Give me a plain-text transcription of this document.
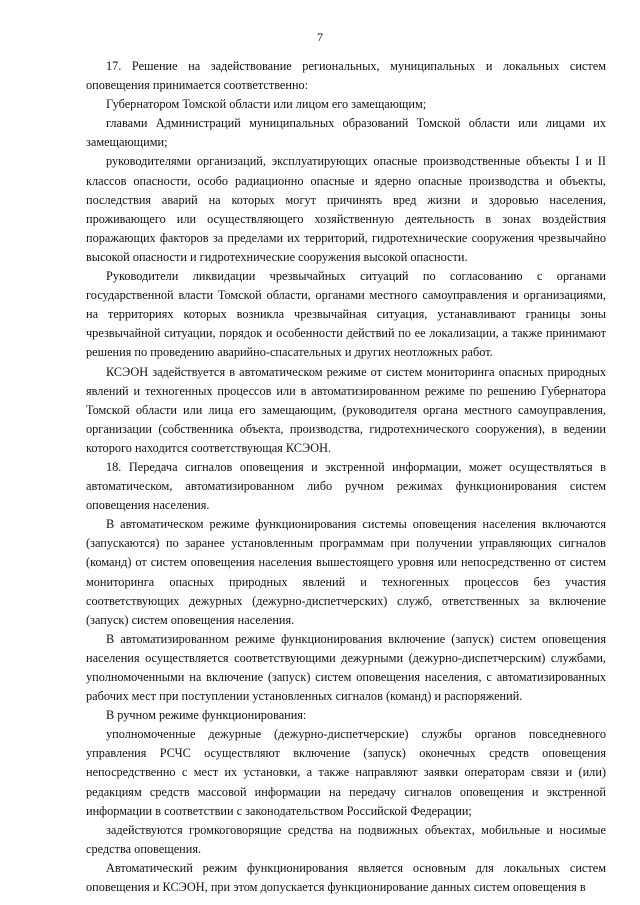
7

17. Решение на задействование региональных, муниципальных и локальных систем оповещения принимается соответственно:

Губернатором Томской области или лицом его замещающим;

главами Администраций муниципальных образований Томской области или лицами их замещающими;

руководителями организаций, эксплуатирующих опасные производственные объекты I и II классов опасности, особо радиационно опасные и ядерно опасные производства и объекты, последствия аварий на которых могут причинять вред жизни и здоровью населения, проживающего или осуществляющего хозяйственную деятельность в зонах воздействия поражающих факторов за пределами их территорий, гидротехнические сооружения чрезвычайно высокой опасности и гидротехнические сооружения высокой опасности.

Руководители ликвидации чрезвычайных ситуаций по согласованию с органами государственной власти Томской области, органами местного самоуправления и организациями, на территориях которых возникла чрезвычайная ситуация, устанавливают границы зоны чрезвычайной ситуации, порядок и особенности действий по ее локализации, а также принимают решения по проведению аварийно-спасательных и других неотложных работ.

КСЭОН задействуется в автоматическом режиме от систем мониторинга опасных природных явлений и техногенных процессов или в автоматизированном режиме по решению Губернатора Томской области или лица его замещающим, (руководителя органа местного самоуправления, организации (собственника объекта, производства, гидротехнического сооружения), в ведении которого находится соответствующая КСЭОН.

18. Передача сигналов оповещения и экстренной информации, может осуществляться в автоматическом, автоматизированном либо ручном режимах функционирования систем оповещения населения.

В автоматическом режиме функционирования системы оповещения населения включаются (запускаются) по заранее установленным программам при получении управляющих сигналов (команд) от систем оповещения населения вышестоящего уровня или непосредственно от систем мониторинга опасных природных явлений и техногенных процессов без участия соответствующих дежурных (дежурно-диспетчерских) служб, ответственных за включение (запуск) систем оповещения населения.

В автоматизированном режиме функционирования включение (запуск) систем оповещения населения осуществляется соответствующими дежурными (дежурно-диспетчерским) службами, уполномоченными на включение (запуск) систем оповещения населения, с автоматизированных рабочих мест при поступлении установленных сигналов (команд) и распоряжений.

В ручном режиме функционирования:

уполномоченные дежурные (дежурно-диспетчерские) службы органов повседневного управления РСЧС осуществляют включение (запуск) оконечных средств оповещения непосредственно с мест их установки, а также направляют заявки операторам связи и (или) редакциям средств массовой информации на передачу сигналов оповещения и экстренной информации в соответствии с законодательством Российской Федерации;

задействуются громкоговорящие средства на подвижных объектах, мобильные и носимые средства оповещения.

Автоматический режим функционирования является основным для локальных систем оповещения и КСЭОН, при этом допускается функционирование данных систем оповещения в
